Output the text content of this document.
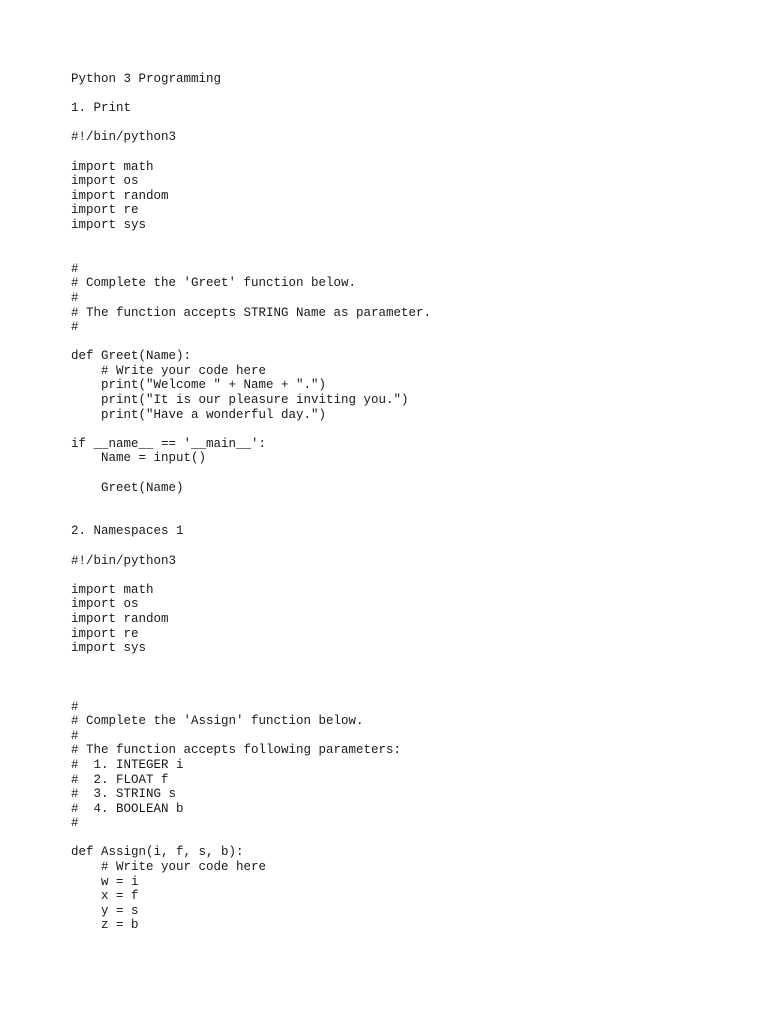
Python 3 Programming
1. Print
#!/bin/python3
import math
import os
import random
import re
import sys
#
# Complete the 'Greet' function below.
#
# The function accepts STRING Name as parameter.
#
def Greet(Name):
# Write your code here
print("Welcome " + Name + ".")
print("It is our pleasure inviting you.")
print("Have a wonderful day.")
if __name__ == '__main__':
Name = input()
Greet(Name)
2. Namespaces 1
#!/bin/python3
import math
import os
import random
import re
import sys
#
# Complete the 'Assign' function below.
#
# The function accepts following parameters:
#  1. INTEGER i
#  2. FLOAT f
#  3. STRING s
#  4. BOOLEAN b
#
def Assign(i, f, s, b):
# Write your code here
w = i
x = f
y = s
z = b
